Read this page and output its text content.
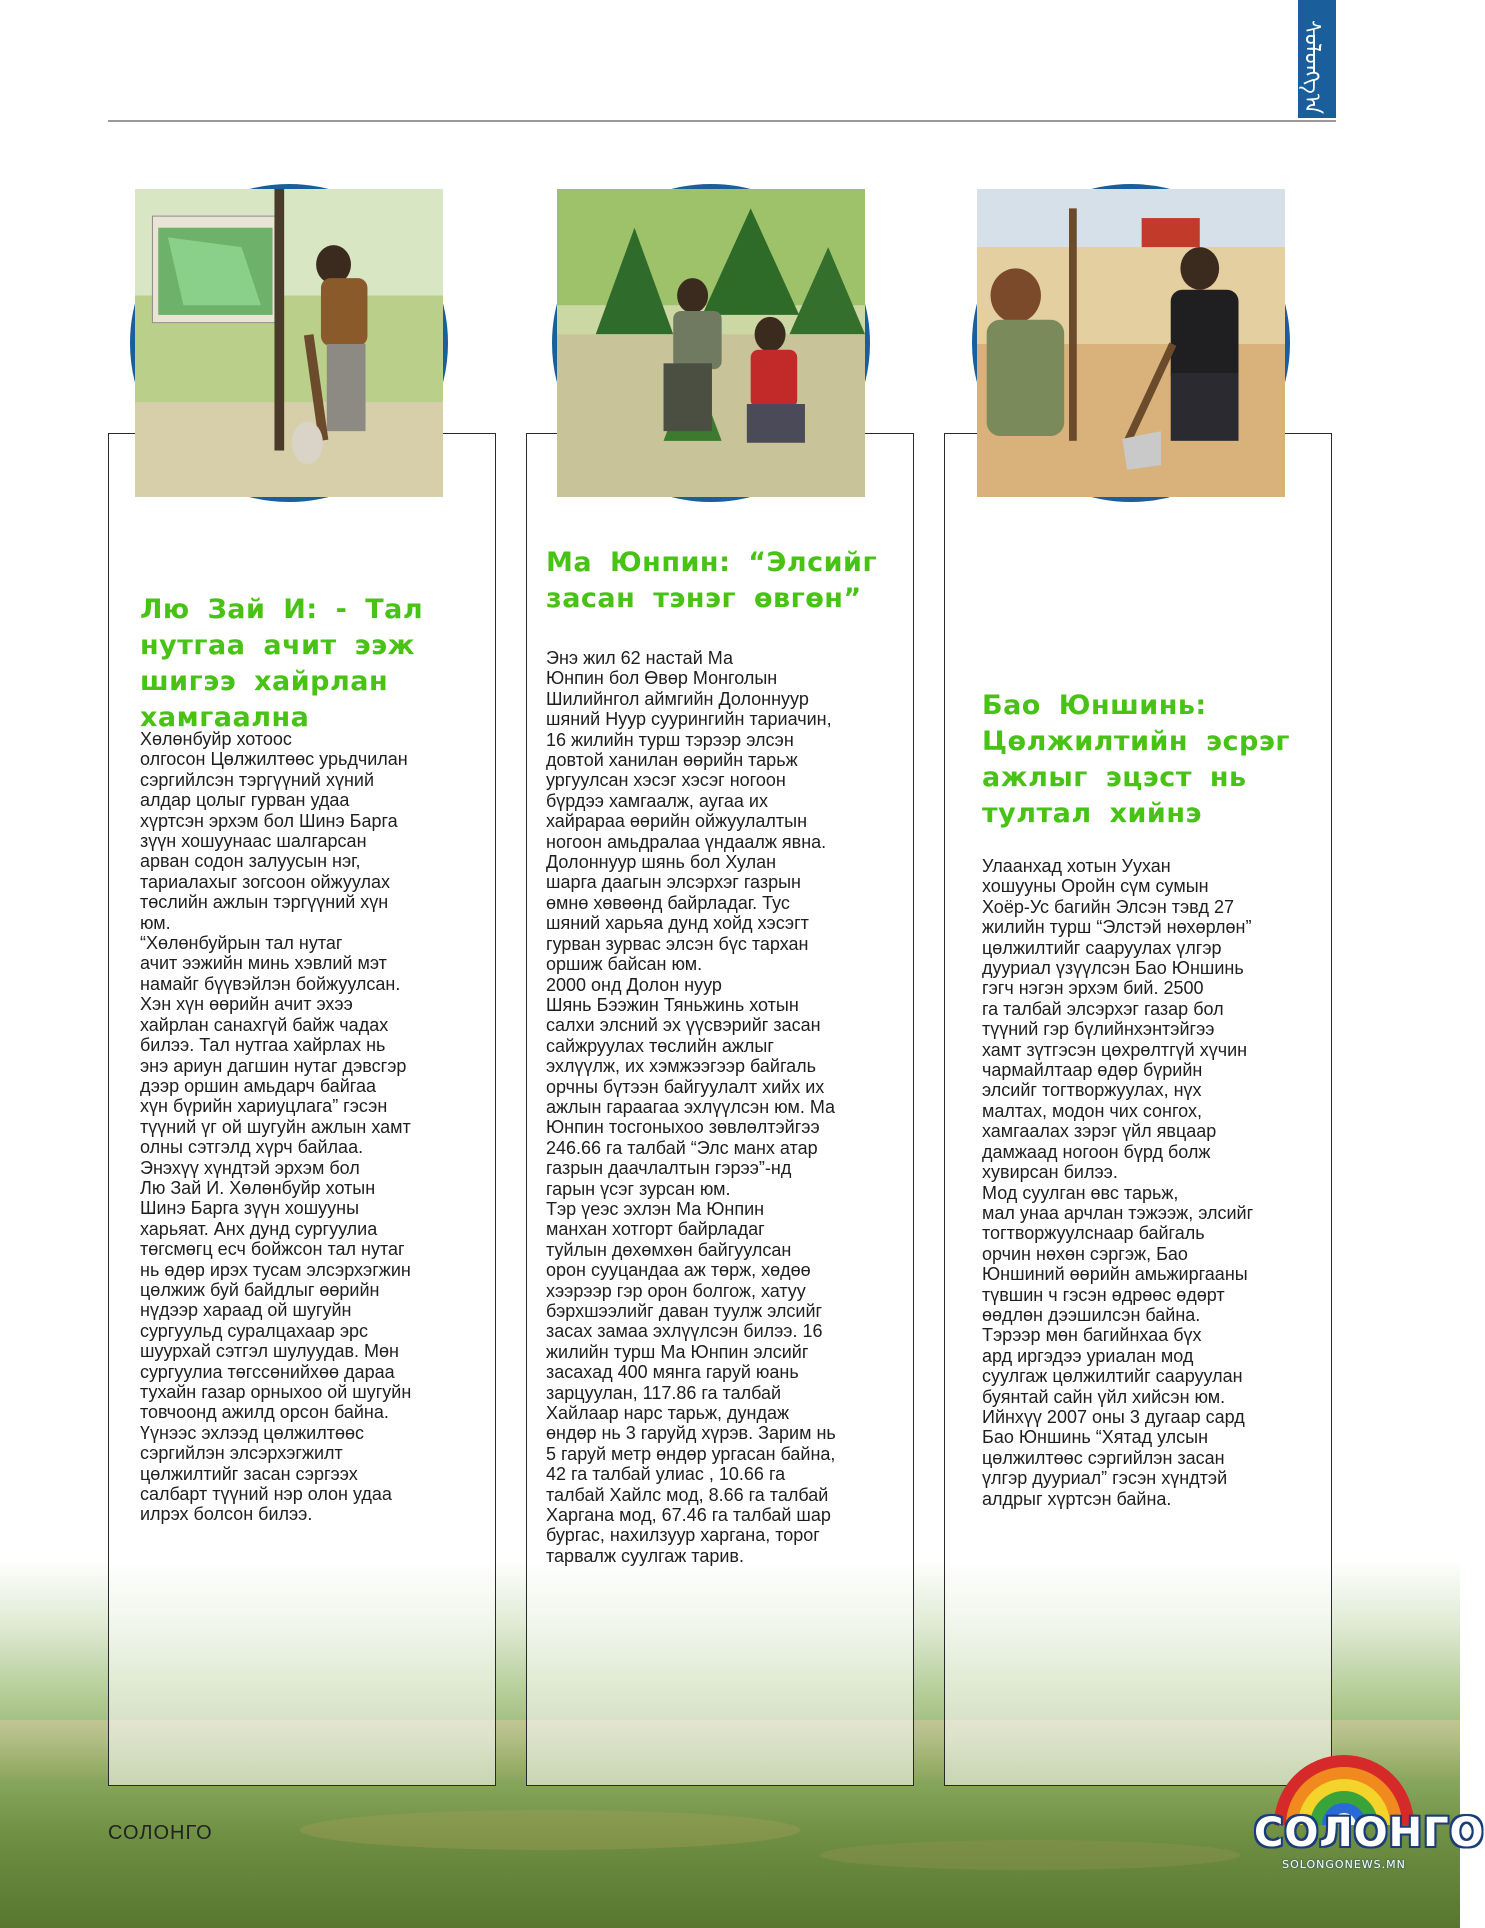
ᠰᠣᠯᠣᠩᠭ᠎ᠠ
Лю Зай И: - Тал нутгаа ачит ээж шигээ хайрлан хамгаална
Хөлөнбуйр хотоос
олгосон Цөлжилтөөс урьдчилан
сэргийлсэн тэргүүний хүний
алдар цолыг гурван удаа
хүртсэн эрхэм бол Шинэ Барга
зүүн хошуунаас шалгарсан
арван содон залуусын нэг,
тариалахыг зогсоон ойжуулах
төслийн ажлын тэргүүний хүн
юм.
“Хөлөнбуйрын тал нутаг
ачит ээжийн минь хэвлий мэт
намайг бүүвэйлэн бойжуулсан.
Хэн хүн өөрийн ачит эхээ
хайрлан санахгүй байж чадах
билээ. Тал нутгаа хайрлах нь
энэ ариун дагшин нутаг дэвсгэр
дээр оршин амьдарч байгаа
хүн бүрийн хариуцлага” гэсэн
түүний үг ой шугуйн ажлын хамт
олны сэтгэлд хүрч байлаа.
Энэхүү хүндтэй эрхэм бол
Лю Зай И. Хөлөнбуйр хотын
Шинэ Барга зүүн хошууны
харьяат. Анх дунд сургуулиа
төгсмөгц есч бойжсон тал нутаг
нь өдөр ирэх тусам элсэрхэгжин
цөлжиж буй байдлыг өөрийн
нүдээр хараад ой шугуйн
сургуульд суралцахаар эрс
шуурхай сэтгэл шулуудав. Мөн
сургуулиа төгссөнийхөө дараа
тухайн газар орныхоо ой шугуйн
товчоонд ажилд орсон байна.
Үүнээс эхлээд цөлжилтөөс
сэргийлэн элсэрхэгжилт
цөлжилтийг засан сэргээх
салбарт түүний нэр олон удаа
илрэх болсон билээ.
Ма Юнпин: “Элсийг засан тэнэг өвгөн”
Энэ жил 62 настай Ма
Юнпин бол Өвөр Монголын
Шилийнгол аймгийн Долоннуур
шяний Нуур суурингийн тариачин,
16 жилийн турш тэрээр элсэн
довтой ханилан өөрийн тарьж
ургуулсан хэсэг хэсэг ногоон
бүрдээ хамгаалж, аугаа их
хайрараа өөрийн ойжуулалтын
ногоон амьдралаа үндаалж явна.
Долоннуур шянь бол Хулан
шарга даагын элсэрхэг газрын
өмнө хөвөөнд байрладаг. Тус
шяний харьяа дунд хойд хэсэгт
гурван зурвас элсэн бүс тархан
оршиж байсан юм.
2000 онд Долон нуур
Шянь Бээжин Тяньжинь хотын
салхи элсний эх үүсвэрийг засан
сайжруулах төслийн ажлыг
эхлүүлж, их хэмжээгээр байгаль
орчны бүтээн байгуулалт хийх их
ажлын гараагаа эхлүүлсэн юм. Ма
Юнпин тосгоныхоо зөвлөлтэйгээ
246.66 га талбай “Элс манх атар
газрын даачлалтын гэрээ”-нд
гарын үсэг зурсан юм.
Тэр үеэс эхлэн Ма Юнпин
манхан хотгорт байрладаг
туйлын дөхөмхөн байгуулсан
орон сууцандаа аж төрж, хөдөө
хээрээр гэр орон болгож, хатуу
бэрхшээлийг даван туулж элсийг
засах замаа эхлүүлсэн билээ. 16
жилийн турш Ма Юнпин элсийг
засахад 400 мянга гаруй юань
зарцуулан, 117.86 га талбай
Хайлаар нарс тарьж, дундаж
өндөр нь 3 гаруйд хүрэв. Зарим нь
5 гаруй метр өндөр ургасан байна,
42 га талбай улиас , 10.66 га
талбай Хайлс мод, 8.66 га талбай
Харгана мод, 67.46 га талбай шар
бургас, нахилзуур харгана, торог
тарвалж суулгаж тарив.
Бао Юншинь: Цөлжилтийн эсрэг ажлыг эцэст нь тултал хийнэ
Улаанхад хотын Уухан
хошууны Оройн сүм сумын
Хоёр-Ус багийн Элсэн тэвд 27
жилийн турш “Элстэй нөхөрлөн”
цөлжилтийг сааруулах үлгэр
дууриал үзүүлсэн Бао Юншинь
гэгч нэгэн эрхэм бий. 2500
га талбай элсэрхэг газар бол
түүний гэр бүлийнхэнтэйгээ
хамт зүтгэсэн цөхрөлтгүй хүчин
чармайлтаар өдөр бүрийн
элсийг тогтворжуулах, нүх
малтах, модон чих сонгох,
хамгаалах зэрэг үйл явцаар
дамжаад ногоон бүрд болж
хувирсан билээ.
Мод суулган өвс тарьж,
мал унаа арчлан тэжээж, элсийг
тогтворжуулснаар байгаль
орчин нөхөн сэргэж, Бао
Юншиний өөрийн амьжиргааны
түвшин ч гэсэн өдрөөс өдөрт
өөдлөн дээшилсэн байна.
Тэрээр мөн багийнхаа бүх
ард иргэдээ уриалан мод
суулгаж цөлжилтийг сааруулан
буянтай сайн үйл хийсэн юм.
Ийнхүү 2007 оны 3 дугаар сард
Бао Юншинь “Хятад улсын
цөлжилтөөс сэргийлэн засан
үлгэр дууриал” гэсэн хүндтэй
алдрыг хүртсэн байна.
СОЛОНГО	СОЛОНГО
SOLONGONEWS.MN
